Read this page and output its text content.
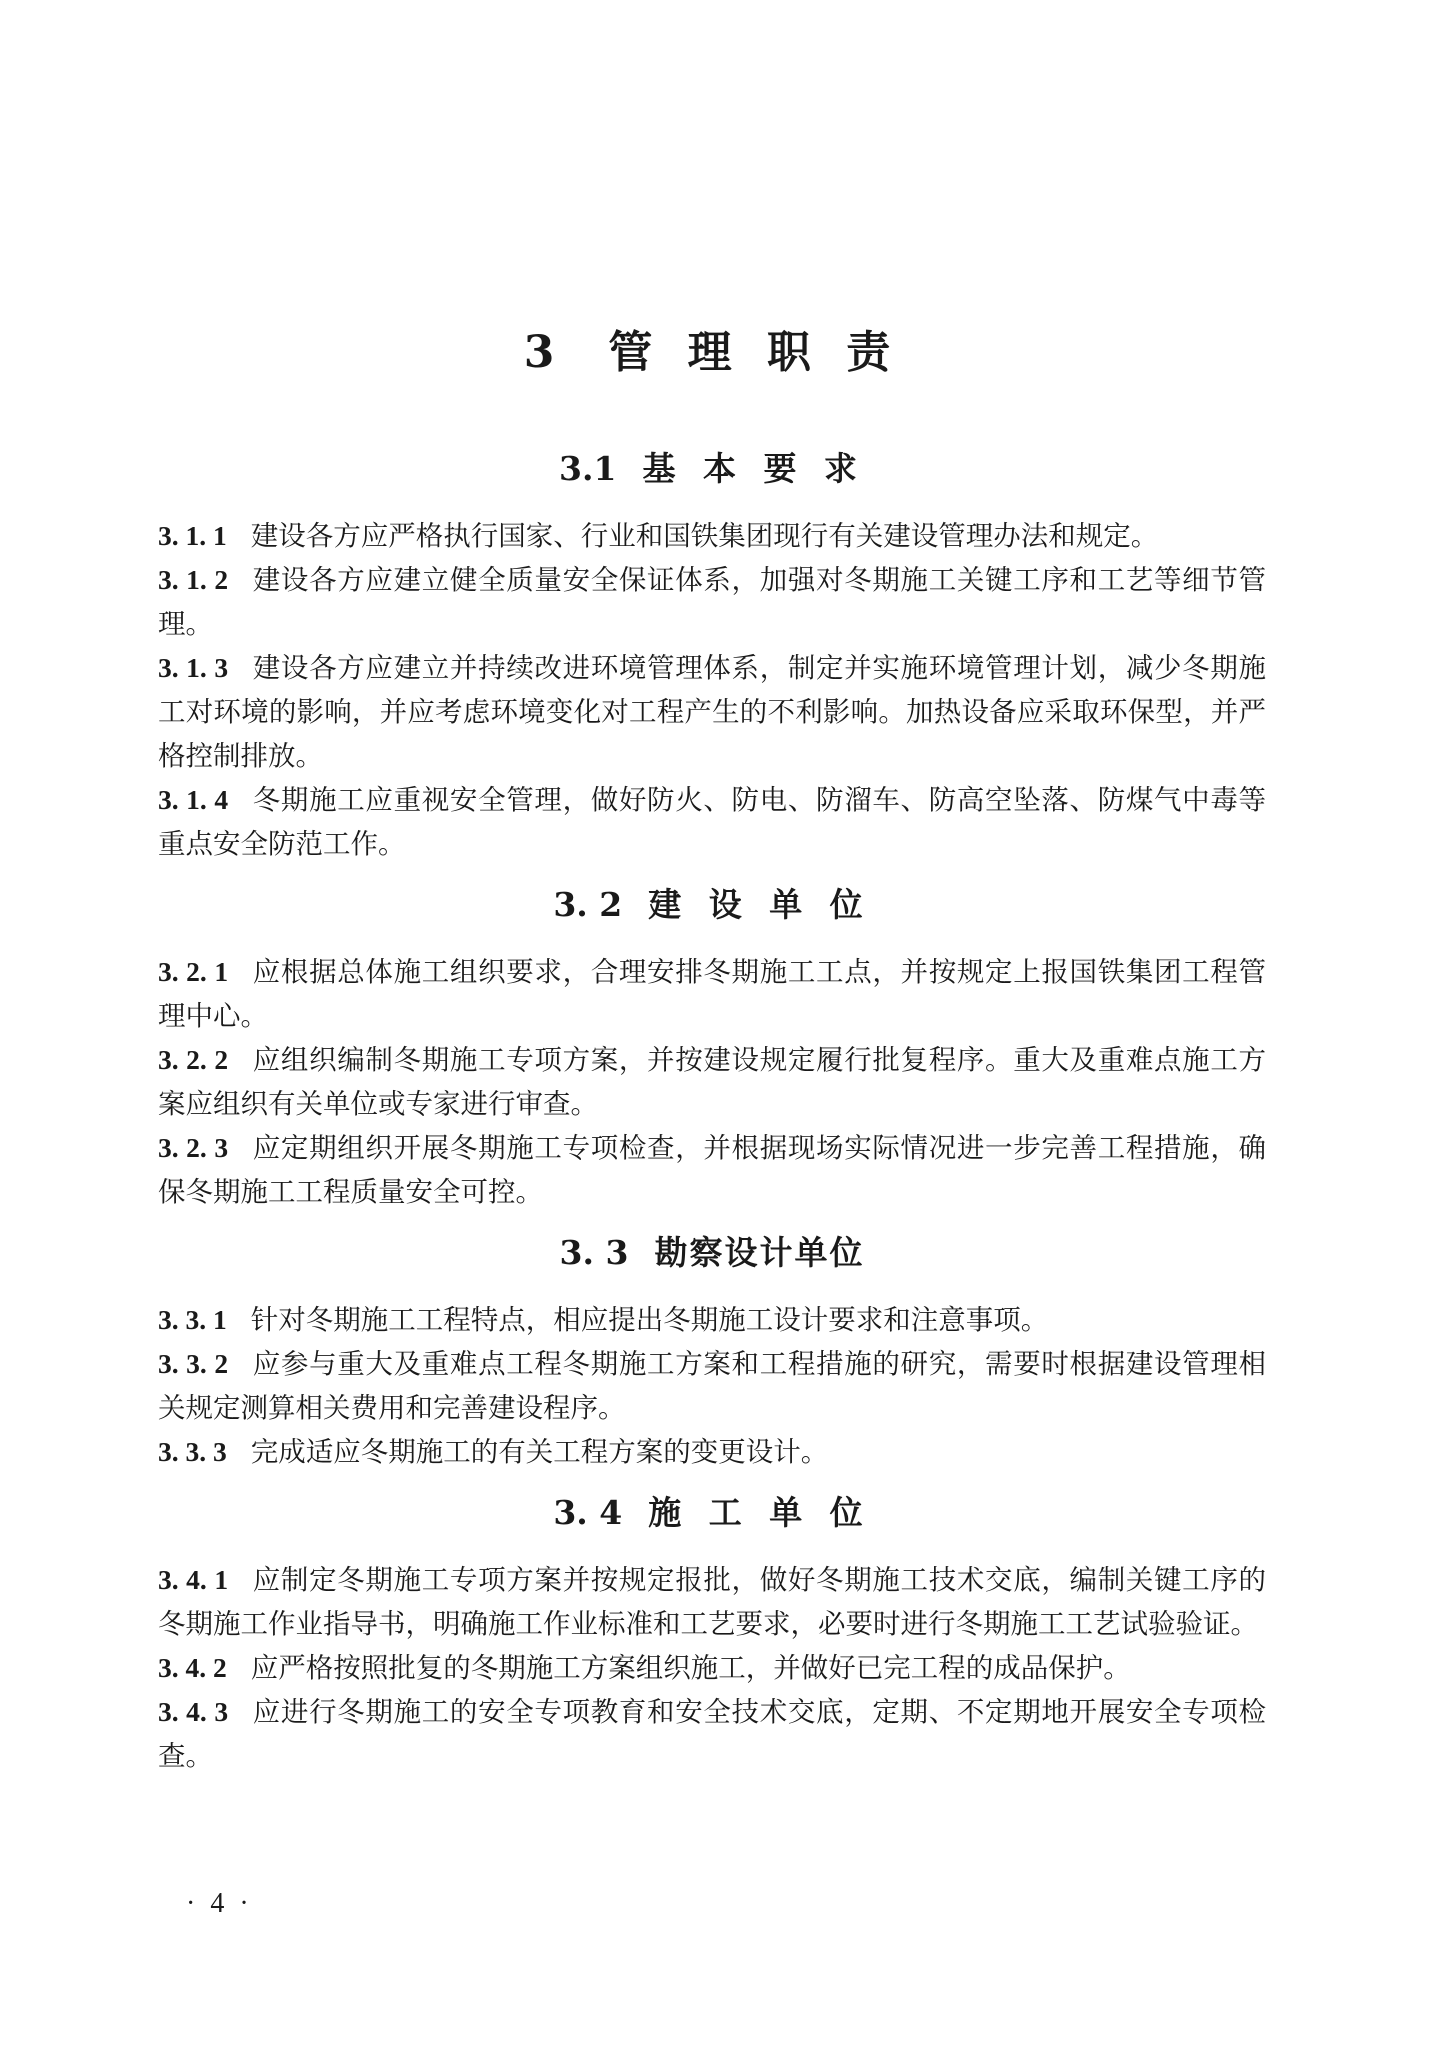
3 管 理 职 责
3.1 基 本 要 求

3. 1. 1 建设各方应严格执行国家、行业和国铁集团现行有关建设管理办法和规定。

3. 1. 2 建设各方应建立健全质量安全保证体系，加强对冬期施工关键工序和工艺等细节管理。

3. 1. 3 建设各方应建立并持续改进环境管理体系，制定并实施环境管理计划，减少冬期施工对环境的影响，并应考虑环境变化对工程产生的不利影响。加热设备应采取环保型，并严格控制排放。

3. 1. 4 冬期施工应重视安全管理，做好防火、防电、防溜车、防高空坠落、防煤气中毒等重点安全防范工作。

3. 2 建 设 单 位

3. 2. 1 应根据总体施工组织要求，合理安排冬期施工工点，并按规定上报国铁集团工程管理中心。

3. 2. 2 应组织编制冬期施工专项方案，并按建设规定履行批复程序。重大及重难点施工方案应组织有关单位或专家进行审查。

3. 2. 3 应定期组织开展冬期施工专项检查，并根据现场实际情况进一步完善工程措施，确保冬期施工工程质量安全可控。

3. 3 勘察设计单位

3. 3. 1 针对冬期施工工程特点，相应提出冬期施工设计要求和注意事项。

3. 3. 2 应参与重大及重难点工程冬期施工方案和工程措施的研究，需要时根据建设管理相关规定测算相关费用和完善建设程序。

3. 3. 3 完成适应冬期施工的有关工程方案的变更设计。

3. 4 施 工 单 位

3. 4. 1 应制定冬期施工专项方案并按规定报批，做好冬期施工技术交底，编制关键工序的冬期施工作业指导书，明确施工作业标准和工艺要求，必要时进行冬期施工工艺试验验证。

3. 4. 2 应严格按照批复的冬期施工方案组织施工，并做好已完工程的成品保护。

3. 4. 3 应进行冬期施工的安全专项教育和安全技术交底，定期、不定期地开展安全专项检查。

· 4 ·
